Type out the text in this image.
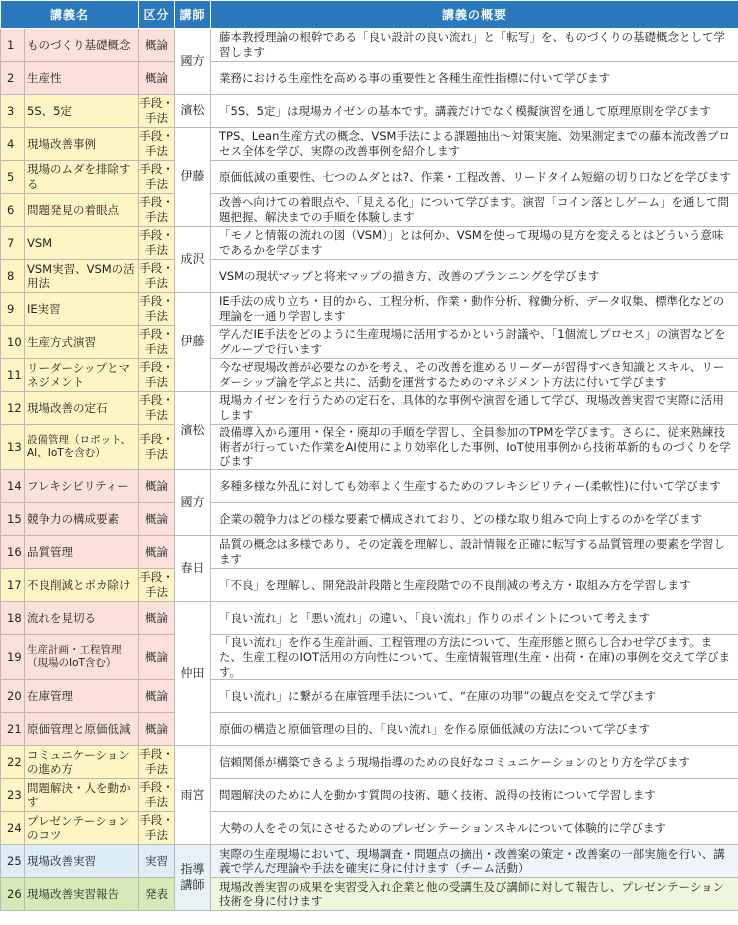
講義名		区分	講師	講義の概要
1	ものづくり基礎概念	概論	國方	藤本教授理論の根幹である「良い設計の良い流れ」と「転写」を、ものづくりの基礎概念として学習します
2	生産性	概論		業務における生産性を高める事の重要性と各種生産性指標に付いて学びます
3	5S、5定	手段・手法	濱松	「5S、5定」は現場カイゼンの基本です。講義だけでなく模擬演習を通して原理原則を学びます
4	現場改善事例	手段・手法	伊藤	TPS、Lean生産方式の概念、VSM手法による課題抽出～対策実施、効果測定までの藤本流改善プロセス全体を学び、実際の改善事例を紹介します
5	現場のムダを排除する	手段・手法		原価低減の重要性、七つのムダとは?、作業・工程改善、リードタイム短縮の切り口などを学びます
6	問題発見の着眼点	手段・手法		改善へ向けての着眼点や、「見える化」について学びます。演習「コイン落としゲーム」を通して問題把握、解決までの手順を体験します
7	VSM	手段・手法	成沢	「モノと情報の流れの図（VSM）」とは何か、VSMを使って現場の見方を変えるとはどういう意味であるかを学びます
8	VSM実習、VSMの活用法	手段・手法		VSMの現状マップと将来マップの描き方、改善のプランニングを学びます
9	IE実習	手段・手法	伊藤	IE手法の成り立ち・目的から、工程分析、作業・動作分析、稼働分析、データ収集、標準化などの理論を一通り学習します
10	生産方式演習	手段・手法		学んだIE手法をどのように生産現場に活用するかという討議や、「1個流しプロセス」の演習などをグループで行います
11	リーダーシップとマネジメント	手段・手法		今なぜ現場改善が必要なのかを考え、その改善を進めるリーダーが習得すべき知識とスキル、リーダーシップ論を学ぶと共に、活動を運営するためのマネジメント方法に付いて学びます
12	現場改善の定石	手段・手法	濱松	現場カイゼンを行うための定石を、具体的な事例や演習を通して学び、現場改善実習で実際に活用します
13	設備管理（ロボット、AI、IoTを含む）	手段・手法		設備導入から運用・保全・廃却の手順を学習し、全員参加のTPMを学びます。さらに、従来熟練技術者が行っていた作業をAI使用により効率化した事例、IoT使用事例から技術革新的ものづくりを学びます
14	フレキシビリティー	概論	國方	多種多様な外乱に対しても効率よく生産するためのフレキシビリティー(柔軟性)に付いて学びます
15	競争力の構成要素	概論		企業の競争力はどの様な要素で構成されており、どの様な取り組みで向上するのかを学びます
16	品質管理	概論	春日	品質の概念は多様であり、その定義を理解し、設計情報を正確に転写する品質管理の要素を学習します
17	不良削減とポカ除け	手段・手法		「不良」を理解し、開発設計段階と生産段階での不良削減の考え方・取組み方を学習します
18	流れを見切る	概論	仲田	「良い流れ」と「悪い流れ」の違い、「良い流れ」作りのポイントについて考えます
19	生産計画・工程管理（現場のIoT含む）	概論		「良い流れ」を作る生産計画、工程管理の方法について、生産形態と照らし合わせ学びます。また、生産工程のIOT活用の方向性について、生産情報管理(生産・出荷・在庫)の事例を交えて学びます。
20	在庫管理	概論		「良い流れ」に繋がる在庫管理手法について、“在庫の功罪”の観点を交えて学びます
21	原価管理と原価低減	概論		原価の構造と原価管理の目的、「良い流れ」を作る原価低減の方法について学びます
22	コミュニケーションの進め方	手段・手法	雨宮	信頼関係が構築できるよう現場指導のための良好なコミュニケーションのとり方を学びます
23	問題解決・人を動かす	手段・手法		問題解決のために人を動かす質問の技術、聴く技術、説得の技術について学習します
24	プレゼンテーションのコツ	手段・手法		大勢の人をその気にさせるためのプレゼンテーションスキルについて体験的に学びます
25	現場改善実習	実習	指導講師	実際の生産現場において、現場調査・問題点の摘出・改善案の策定・改善案の一部実施を行い、講義で学んだ理論や手法を確実に身に付けます（チーム活動）
26	現場改善実習報告	発表		現場改善実習の成果を実習受入れ企業と他の受講生及び講師に対して報告し、プレゼンテーション技術を身に付けます
